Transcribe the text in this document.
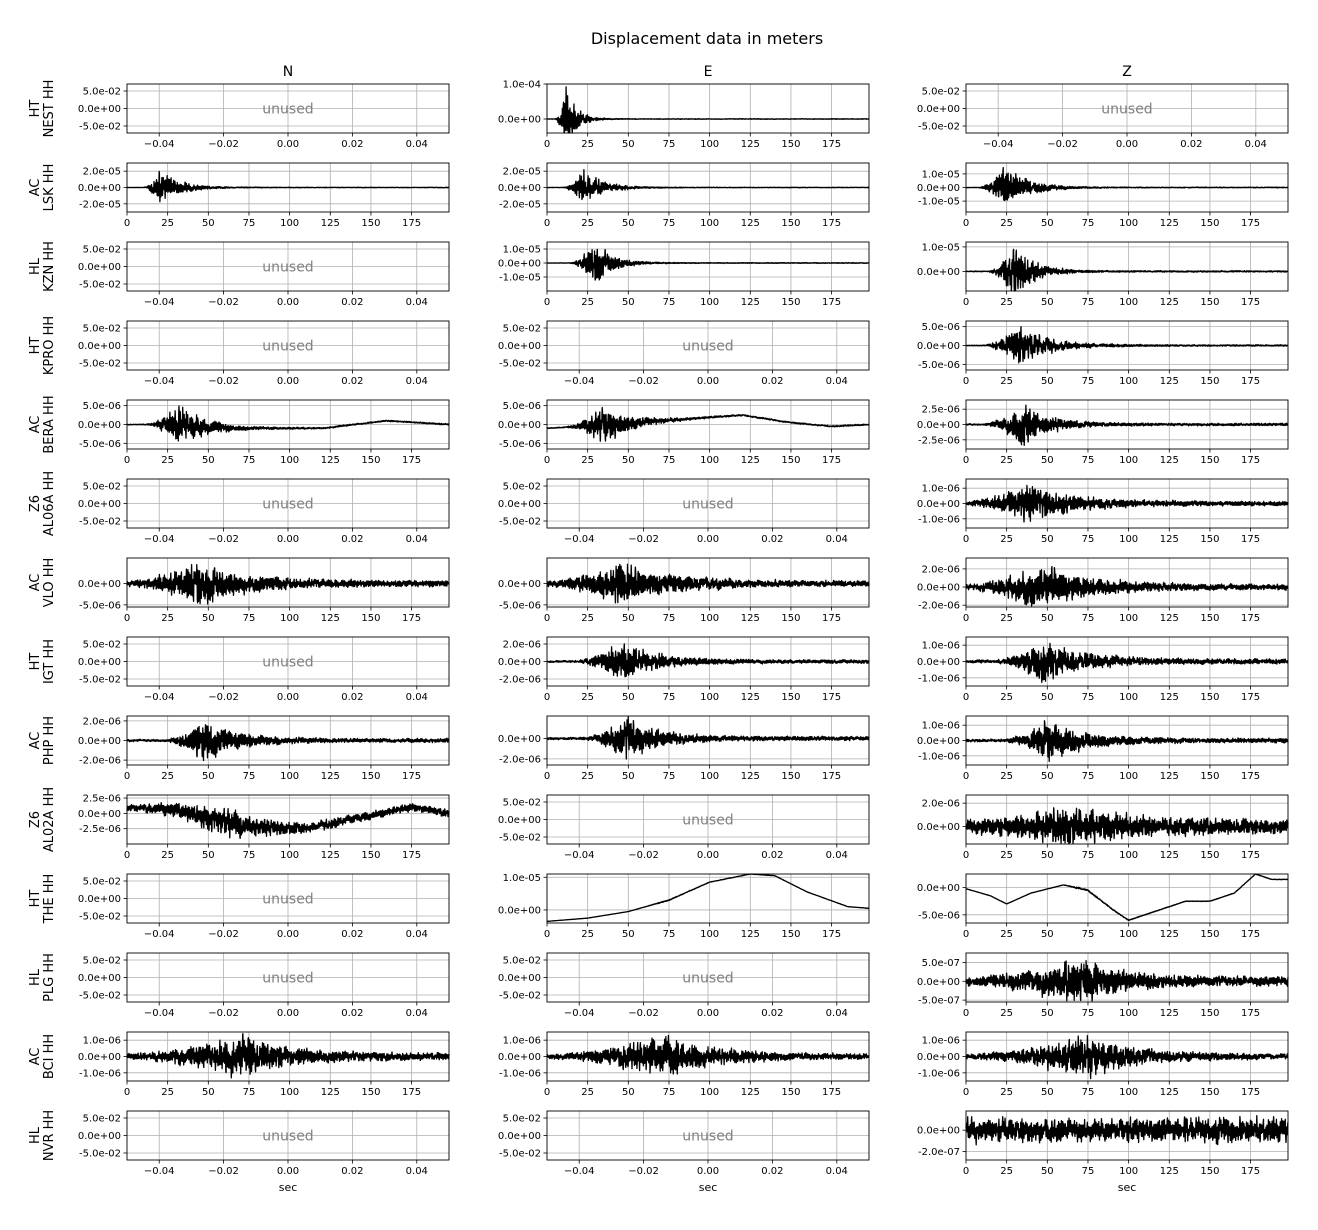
Displacement data in meters
N	E	Z
HTNEST HH
−0.04	−0.02	0.00	0.02	0.04
5.0e-02
0.0e+00
-5.0e-02
unused
0	25	50	75 100 125 150 175
1.0e-04
0.0e+00
−0.04	−0.02	0.00	0.02	0.04
5.0e-02
0.0e+00
-5.0e-02
unused
ACLSK HH
0	25	50	75 100 125 150 175
2.0e-05
0.0e+00
-2.0e-05
0	25	50	75 100 125 150 175
2.0e-05
0.0e+00
-2.0e-05
0	25	50	75 100 125 150 175
1.0e-05
0.0e+00
-1.0e-05
HLKZN HH
−0.04	−0.02	0.00	0.02	0.04
5.0e-02
0.0e+00
-5.0e-02
unused
0	25	50	75 100 125 150 175
1.0e-05
0.0e+00
-1.0e-05
0	25	50	75 100 125 150 175
1.0e-05
0.0e+00
HTKPRO HH
−0.04	−0.02	0.00	0.02	0.04
5.0e-02
0.0e+00
-5.0e-02
unused
−0.04	−0.02	0.00	0.02	0.04
5.0e-02
0.0e+00
-5.0e-02
unused
0	25	50	75 100 125 150 175
5.0e-06
0.0e+00
-5.0e-06
ACBERA HH
0	25	50	75 100 125 150 175
5.0e-06
0.0e+00
-5.0e-06
0	25	50	75 100 125 150 175
5.0e-06
0.0e+00
-5.0e-06
0	25	50	75 100 125 150 175
2.5e-06
0.0e+00
-2.5e-06
Z6AL06A HH
−0.04	−0.02	0.00	0.02	0.04
5.0e-02
0.0e+00
-5.0e-02
unused
−0.04	−0.02	0.00	0.02	0.04
5.0e-02
0.0e+00
-5.0e-02
unused
0	25	50	75 100 125 150 175
1.0e-06
0.0e+00
-1.0e-06
ACVLO HH
0	25	50	75 100 125 150 175
0.0e+00
-5.0e-06
0	25	50	75 100 125 150 175
0.0e+00
-5.0e-06
0	25	50	75 100 125 150 175
2.0e-06
0.0e+00
-2.0e-06
HTIGT HH
−0.04	−0.02	0.00	0.02	0.04
5.0e-02
0.0e+00
-5.0e-02
unused
0	25	50	75 100 125 150 175
2.0e-06
0.0e+00
-2.0e-06
0	25	50	75 100 125 150 175
1.0e-06
0.0e+00
-1.0e-06
ACPHP HH
0	25	50	75 100 125 150 175
2.0e-06
0.0e+00
-2.0e-06
0	25	50	75 100 125 150 175
0.0e+00
-2.0e-06
0	25	50	75 100 125 150 175
1.0e-06
0.0e+00
-1.0e-06
Z6AL02A HH
0	25	50	75 100 125 150 175
2.5e-06
0.0e+00
-2.5e-06
−0.04	−0.02	0.00	0.02	0.04
5.0e-02
0.0e+00
-5.0e-02
unused
0	25	50	75 100 125 150 175
2.0e-06
0.0e+00
HTTHE HH
−0.04	−0.02	0.00	0.02	0.04
5.0e-02
0.0e+00
-5.0e-02
unused
0	25	50	75 100 125 150 175
1.0e-05
0.0e+00
0	25	50	75 100 125 150 175
0.0e+00
-5.0e-06
HLPLG HH
−0.04	−0.02	0.00	0.02	0.04
5.0e-02
0.0e+00
-5.0e-02
unused
−0.04	−0.02	0.00	0.02	0.04
5.0e-02
0.0e+00
-5.0e-02
unused
0	25	50	75 100 125 150 175
5.0e-07
0.0e+00
-5.0e-07
ACBCI HH
0	25	50	75 100 125 150 175
1.0e-06
0.0e+00
-1.0e-06
0	25	50	75 100 125 150 175
1.0e-06
0.0e+00
-1.0e-06
0	25	50	75 100 125 150 175
1.0e-06
0.0e+00
-1.0e-06
HLNVR HH
−0.04	−0.02	0.00	0.02	0.04
5.0e-02
0.0e+00
-5.0e-02
unused
sec
−0.04	−0.02	0.00	0.02	0.04
5.0e-02
0.0e+00
-5.0e-02
unused
sec
0	25	50	75 100 125 150 175
0.0e+00
-2.0e-07
sec
